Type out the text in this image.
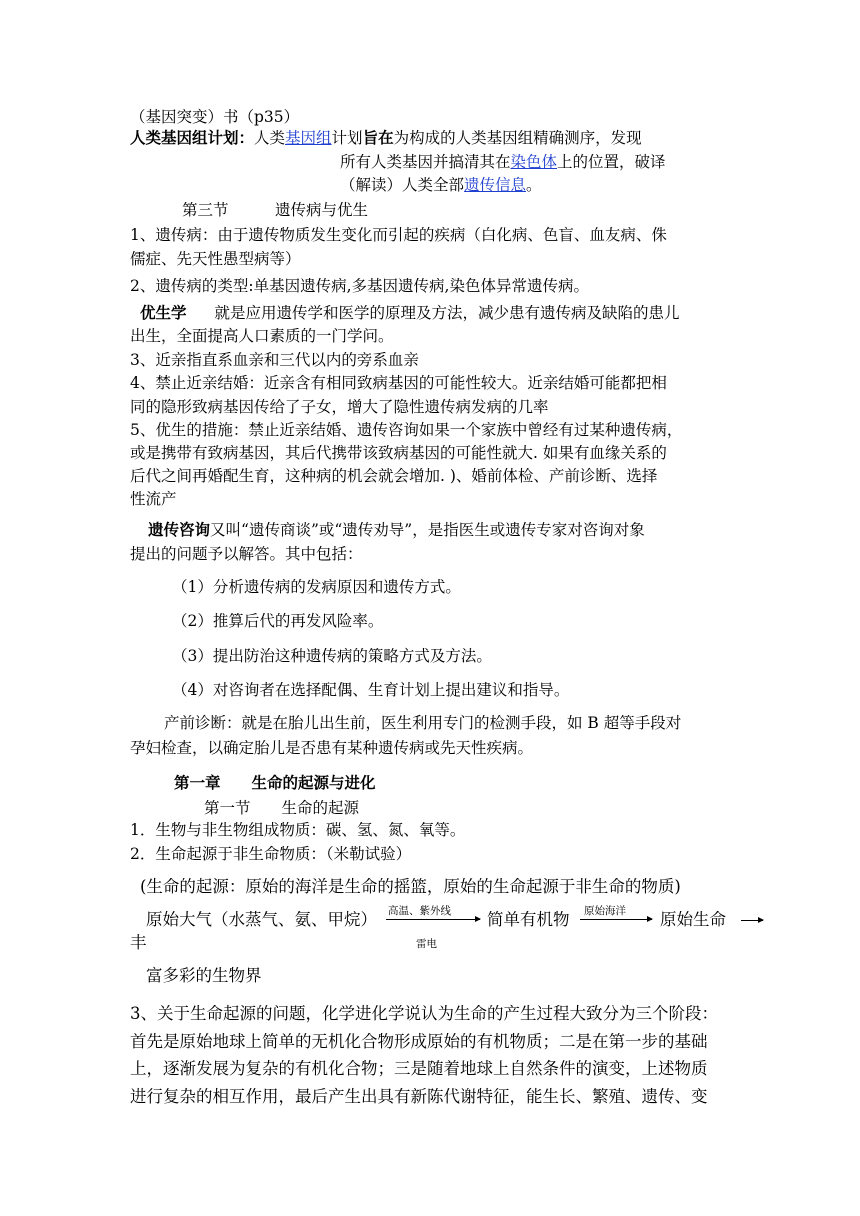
（基因突变）书（p35）
人类基因组计划：人类基因组计划旨在为构成的人类基因组精确测序，发现
所有人类基因并搞清其在染色体上的位置，破译
（解读）人类全部遗传信息。
第三节　　　遗传病与优生
1、遗传病：由于遗传物质发生变化而引起的疾病（白化病、色盲、血友病、侏
儒症、先天性愚型病等）
2、遗传病的类型:单基因遗传病,多基因遗传病,染色体异常遗传病。
优生学 就是应用遗传学和医学的原理及方法，减少患有遗传病及缺陷的患儿
出生，全面提高人口素质的一门学问。
3、近亲指直系血亲和三代以内的旁系血亲
4、禁止近亲结婚：近亲含有相同致病基因的可能性较大。近亲结婚可能都把相
同的隐形致病基因传给了子女，增大了隐性遗传病发病的几率
5、优生的措施：禁止近亲结婚、遗传咨询如果一个家族中曾经有过某种遗传病，
或是携带有致病基因，其后代携带该致病基因的可能性就大. 如果有血缘关系的
后代之间再婚配生育，这种病的机会就会增加. )、婚前体检、产前诊断、选择
性流产
遗传咨询又叫“遗传商谈”或“遗传劝导”，是指医生或遗传专家对咨询对象
提出的问题予以解答。其中包括：
（1）分析遗传病的发病原因和遗传方式。
（2）推算后代的再发风险率。
（3）提出防治这种遗传病的策略方式及方法。
（4）对咨询者在选择配偶、生育计划上提出建议和指导。
产前诊断：就是在胎儿出生前，医生利用专门的检测手段，如 B 超等手段对
孕妇检查，以确定胎儿是否患有某种遗传病或先天性疾病。
第一章　　生命的起源与进化
第一节　　生命的起源
1．生物与非生物组成物质：碳、氢、氮、氧等。
2．生命起源于非生命物质：（米勒试验）
(生命的起源：原始的海洋是生命的摇篮，原始的生命起源于非生命的物质)
原始大气（水蒸气、氨、甲烷） 高温、紫外线
雷电
简单有机物 原始海洋 原始生命
丰
富多彩的生物界
3、关于生命起源的问题，化学进化学说认为生命的产生过程大致分为三个阶段：
首先是原始地球上简单的无机化合物形成原始的有机物质；二是在第一步的基础
上，逐渐发展为复杂的有机化合物；三是随着地球上自然条件的演变，上述物质
进行复杂的相互作用，最后产生出具有新陈代谢特征，能生长、繁殖、遗传、变
